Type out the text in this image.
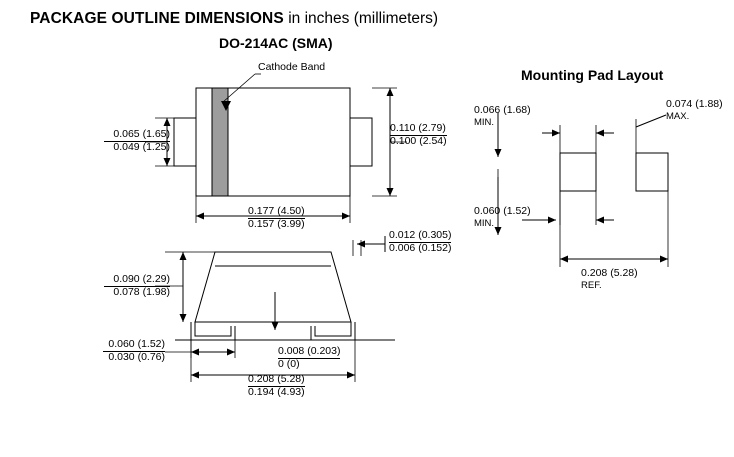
PACKAGE OUTLINE DIMENSIONS in inches (millimeters)
DO-214AC (SMA)
Mounting Pad Layout
Cathode Band
0.065 (1.65)
0.049 (1.25)
0.110 (2.79)
0.100 (2.54)
0.177 (4.50)
0.157 (3.99)
0.090 (2.29)
0.078 (1.98)
0.060 (1.52)
0.030 (0.76)
0.012 (0.305)
0.006 (0.152)
0.008 (0.203)
0 (0)
0.208 (5.28)
0.194 (4.93)
0.066 (1.68)
MIN.
0.074 (1.88)
MAX.
0.060 (1.52)
MIN.
0.208 (5.28)
REF.
